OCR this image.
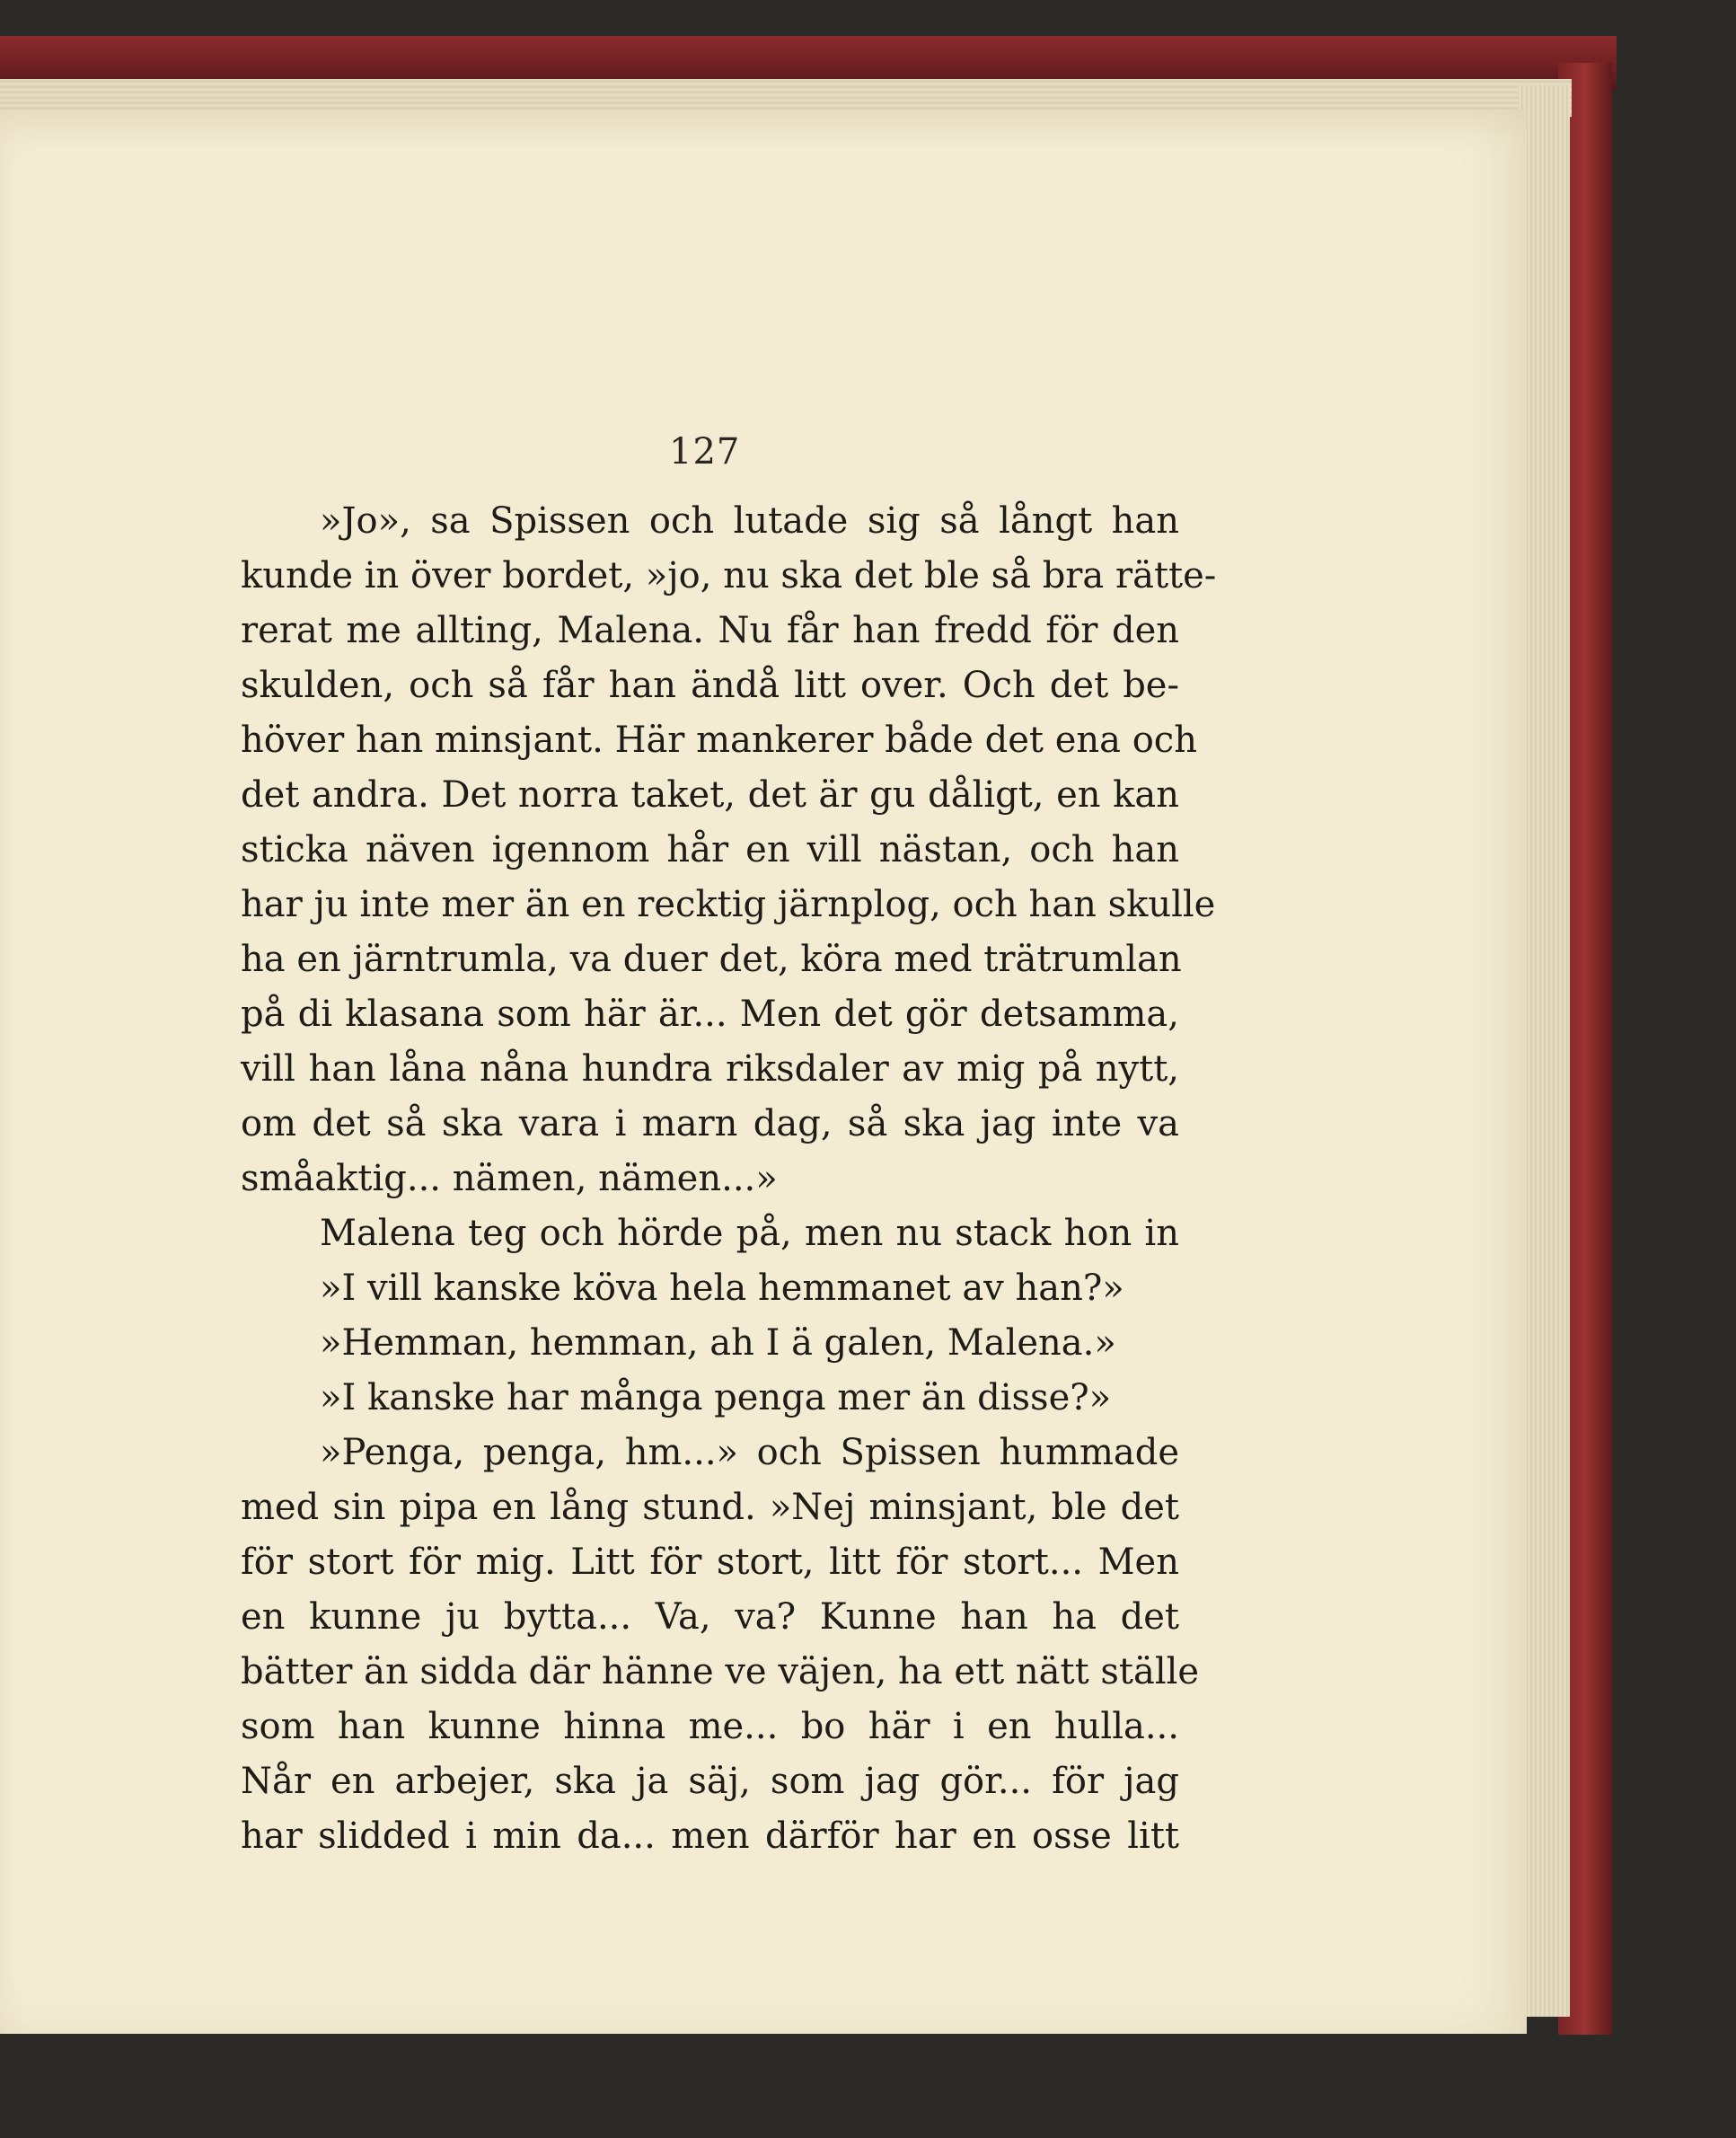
127
»Jo», sa Spissen och lutade sig så långt han
kunde in över bordet, »jo, nu ska det ble så bra rätte-
rerat me allting, Malena. Nu får han fredd för den
skulden, och så får han ändå litt over. Och det be-
höver han minsjant. Här mankerer både det ena och
det andra. Det norra taket, det är gu dåligt, en kan
sticka näven igennom hår en vill nästan, och han
har ju inte mer än en recktig järnplog, och han skulle
ha en järntrumla, va duer det, köra med trätrumlan
på di klasana som här är... Men det gör detsamma,
vill han låna nåna hundra riksdaler av mig på nytt,
om det så ska vara i marn dag, så ska jag inte va
småaktig... nämen, nämen...»
Malena teg och hörde på, men nu stack hon in
»I vill kanske köva hela hemmanet av han?»
»Hemman, hemman, ah I ä galen, Malena.»
»I kanske har många penga mer än disse?»
»Penga, penga, hm...» och Spissen hummade
med sin pipa en lång stund. »Nej minsjant, ble det
för stort för mig. Litt för stort, litt för stort... Men
en kunne ju bytta... Va, va? Kunne han ha det
bätter än sidda där hänne ve väjen, ha ett nätt ställe
som han kunne hinna me... bo här i en hulla...
Når en arbejer, ska ja säj, som jag gör... för jag
har slidded i min da... men därför har en osse litt
